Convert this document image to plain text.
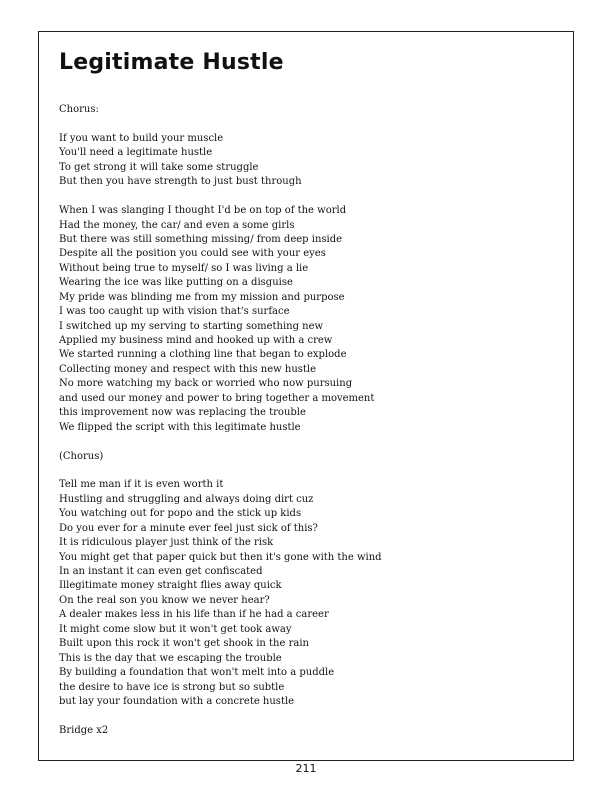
Legitimate Hustle
Chorus:
If you want to build your muscle
You'll need a legitimate hustle
To get strong it will take some struggle
But then you have strength to just bust through
When I was slanging I thought I'd be on top of the world
Had the money, the car/ and even a some girls
But there was still something missing/ from deep inside
Despite all the position you could see with your eyes
Without being true to myself/ so I was living a lie
Wearing the ice was like putting on a disguise
My pride was blinding me from my mission and purpose
I was too caught up with vision that's surface
I switched up my serving to starting something new
Applied my business mind and hooked up with a crew
We started running a clothing line that began to explode
Collecting money and respect with this new hustle
No more watching my back or worried who now pursuing
and used our money and power to bring together a movement
this improvement now was replacing the trouble
We flipped the script with this legitimate hustle
(Chorus)
Tell me man if it is even worth it
Hustling and struggling and always doing dirt cuz
You watching out for popo and the stick up kids
Do you ever for a minute ever feel just sick of this?
It is ridiculous player just think of the risk
You might get that paper quick but then it's gone with the wind
In an instant it can even get confiscated
Illegitimate money straight flies away quick
On the real son you know we never hear?
A dealer makes less in his life than if he had a career
It might come slow but it won't get took away
Built upon this rock it won't get shook in the rain
This is the day that we escaping the trouble
By building a foundation that won't melt into a puddle
the desire to have ice is strong but so subtle
but lay your foundation with a concrete hustle
Bridge x2
211
